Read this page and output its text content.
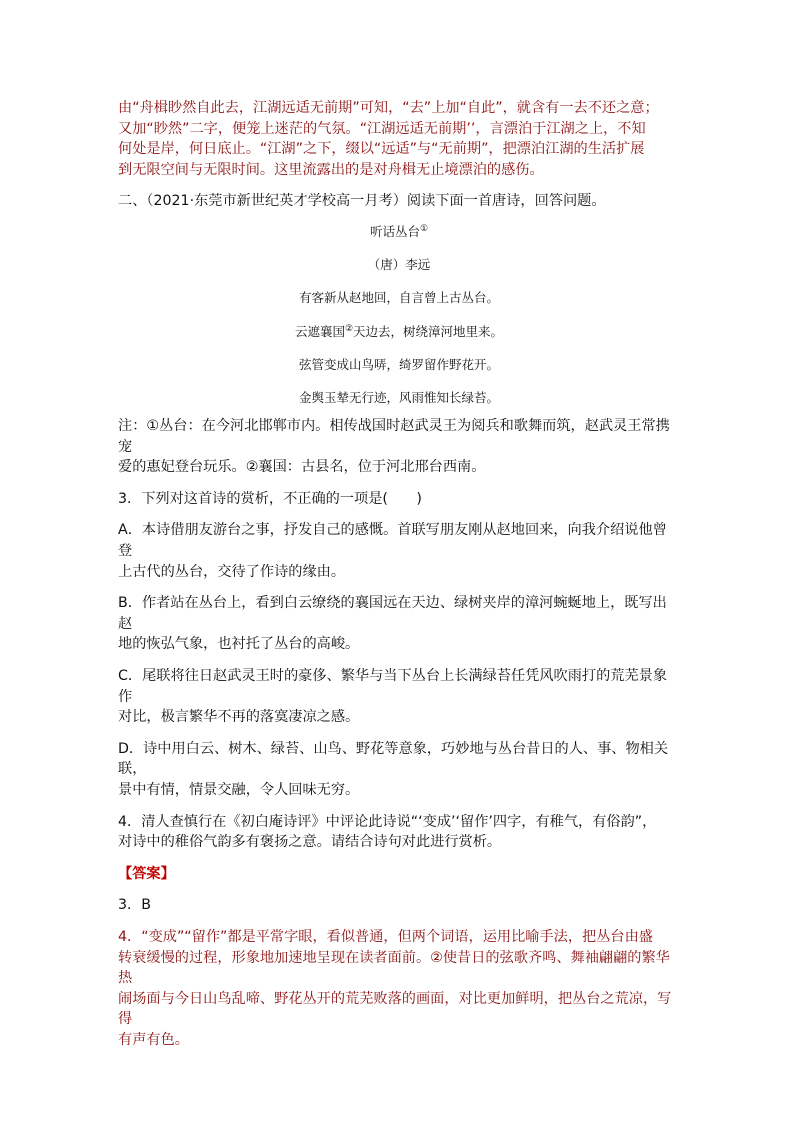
由“舟楫眇然自此去，江湖远适无前期”可知，“去”上加“自此”，就含有一去不还之意；
又加“眇然”二字，便笼上迷茫的气氛。“江湖远适无前期’’，言漂泊于江湖之上，不知
何处是岸，何日底止。“江湖”之下，缀以“远适”与“无前期”，把漂泊江湖的生活扩展
到无限空间与无限时间。这里流露出的是对舟楫无止境漂泊的感伤。

二、（2021·东莞市新世纪英才学校高一月考）阅读下面一首唐诗，回答问题。

听话丛台①

（唐）李远

有客新从赵地回，自言曾上古丛台。

云遮襄国②天边去，树绕漳河地里来。

弦管变成山鸟哢，绮罗留作野花开。

金舆玉辇无行迹，风雨惟知长绿苔。

注：①丛台：在今河北邯郸市内。相传战国时赵武灵王为阅兵和歌舞而筑，赵武灵王常携宠
爱的惠妃登台玩乐。②襄国：古县名，位于河北邢台西南。

3．下列对这首诗的赏析，不正确的一项是(　　)

A．本诗借朋友游台之事，抒发自己的感慨。首联写朋友刚从赵地回来，向我介绍说他曾登
上古代的丛台，交待了作诗的缘由。

B．作者站在丛台上，看到白云缭绕的襄国远在天边、绿树夹岸的漳河蜿蜒地上，既写出赵
地的恢弘气象，也衬托了丛台的高峻。

C．尾联将往日赵武灵王时的豪侈、繁华与当下丛台上长满绿苔任凭风吹雨打的荒芜景象作
对比，极言繁华不再的落寞凄凉之感。

D．诗中用白云、树木、绿苔、山鸟、野花等意象，巧妙地与丛台昔日的人、事、物相关联，
景中有情，情景交融，令人回味无穷。

4．清人查慎行在《初白庵诗评》中评论此诗说“‘变成’‘留作’四字，有稚气，有俗韵”，
对诗中的稚俗气韵多有褒扬之意。请结合诗句对此进行赏析。

【答案】

3．B

4．“变成”“留作”都是平常字眼，看似普通，但两个词语，运用比喻手法，把丛台由盛
转衰缓慢的过程，形象地加速地呈现在读者面前。②使昔日的弦歌齐鸣、舞袖翩翩的繁华热
闹场面与今日山鸟乱啼、野花丛开的荒芜败落的画面，对比更加鲜明，把丛台之荒凉，写得
有声有色。
